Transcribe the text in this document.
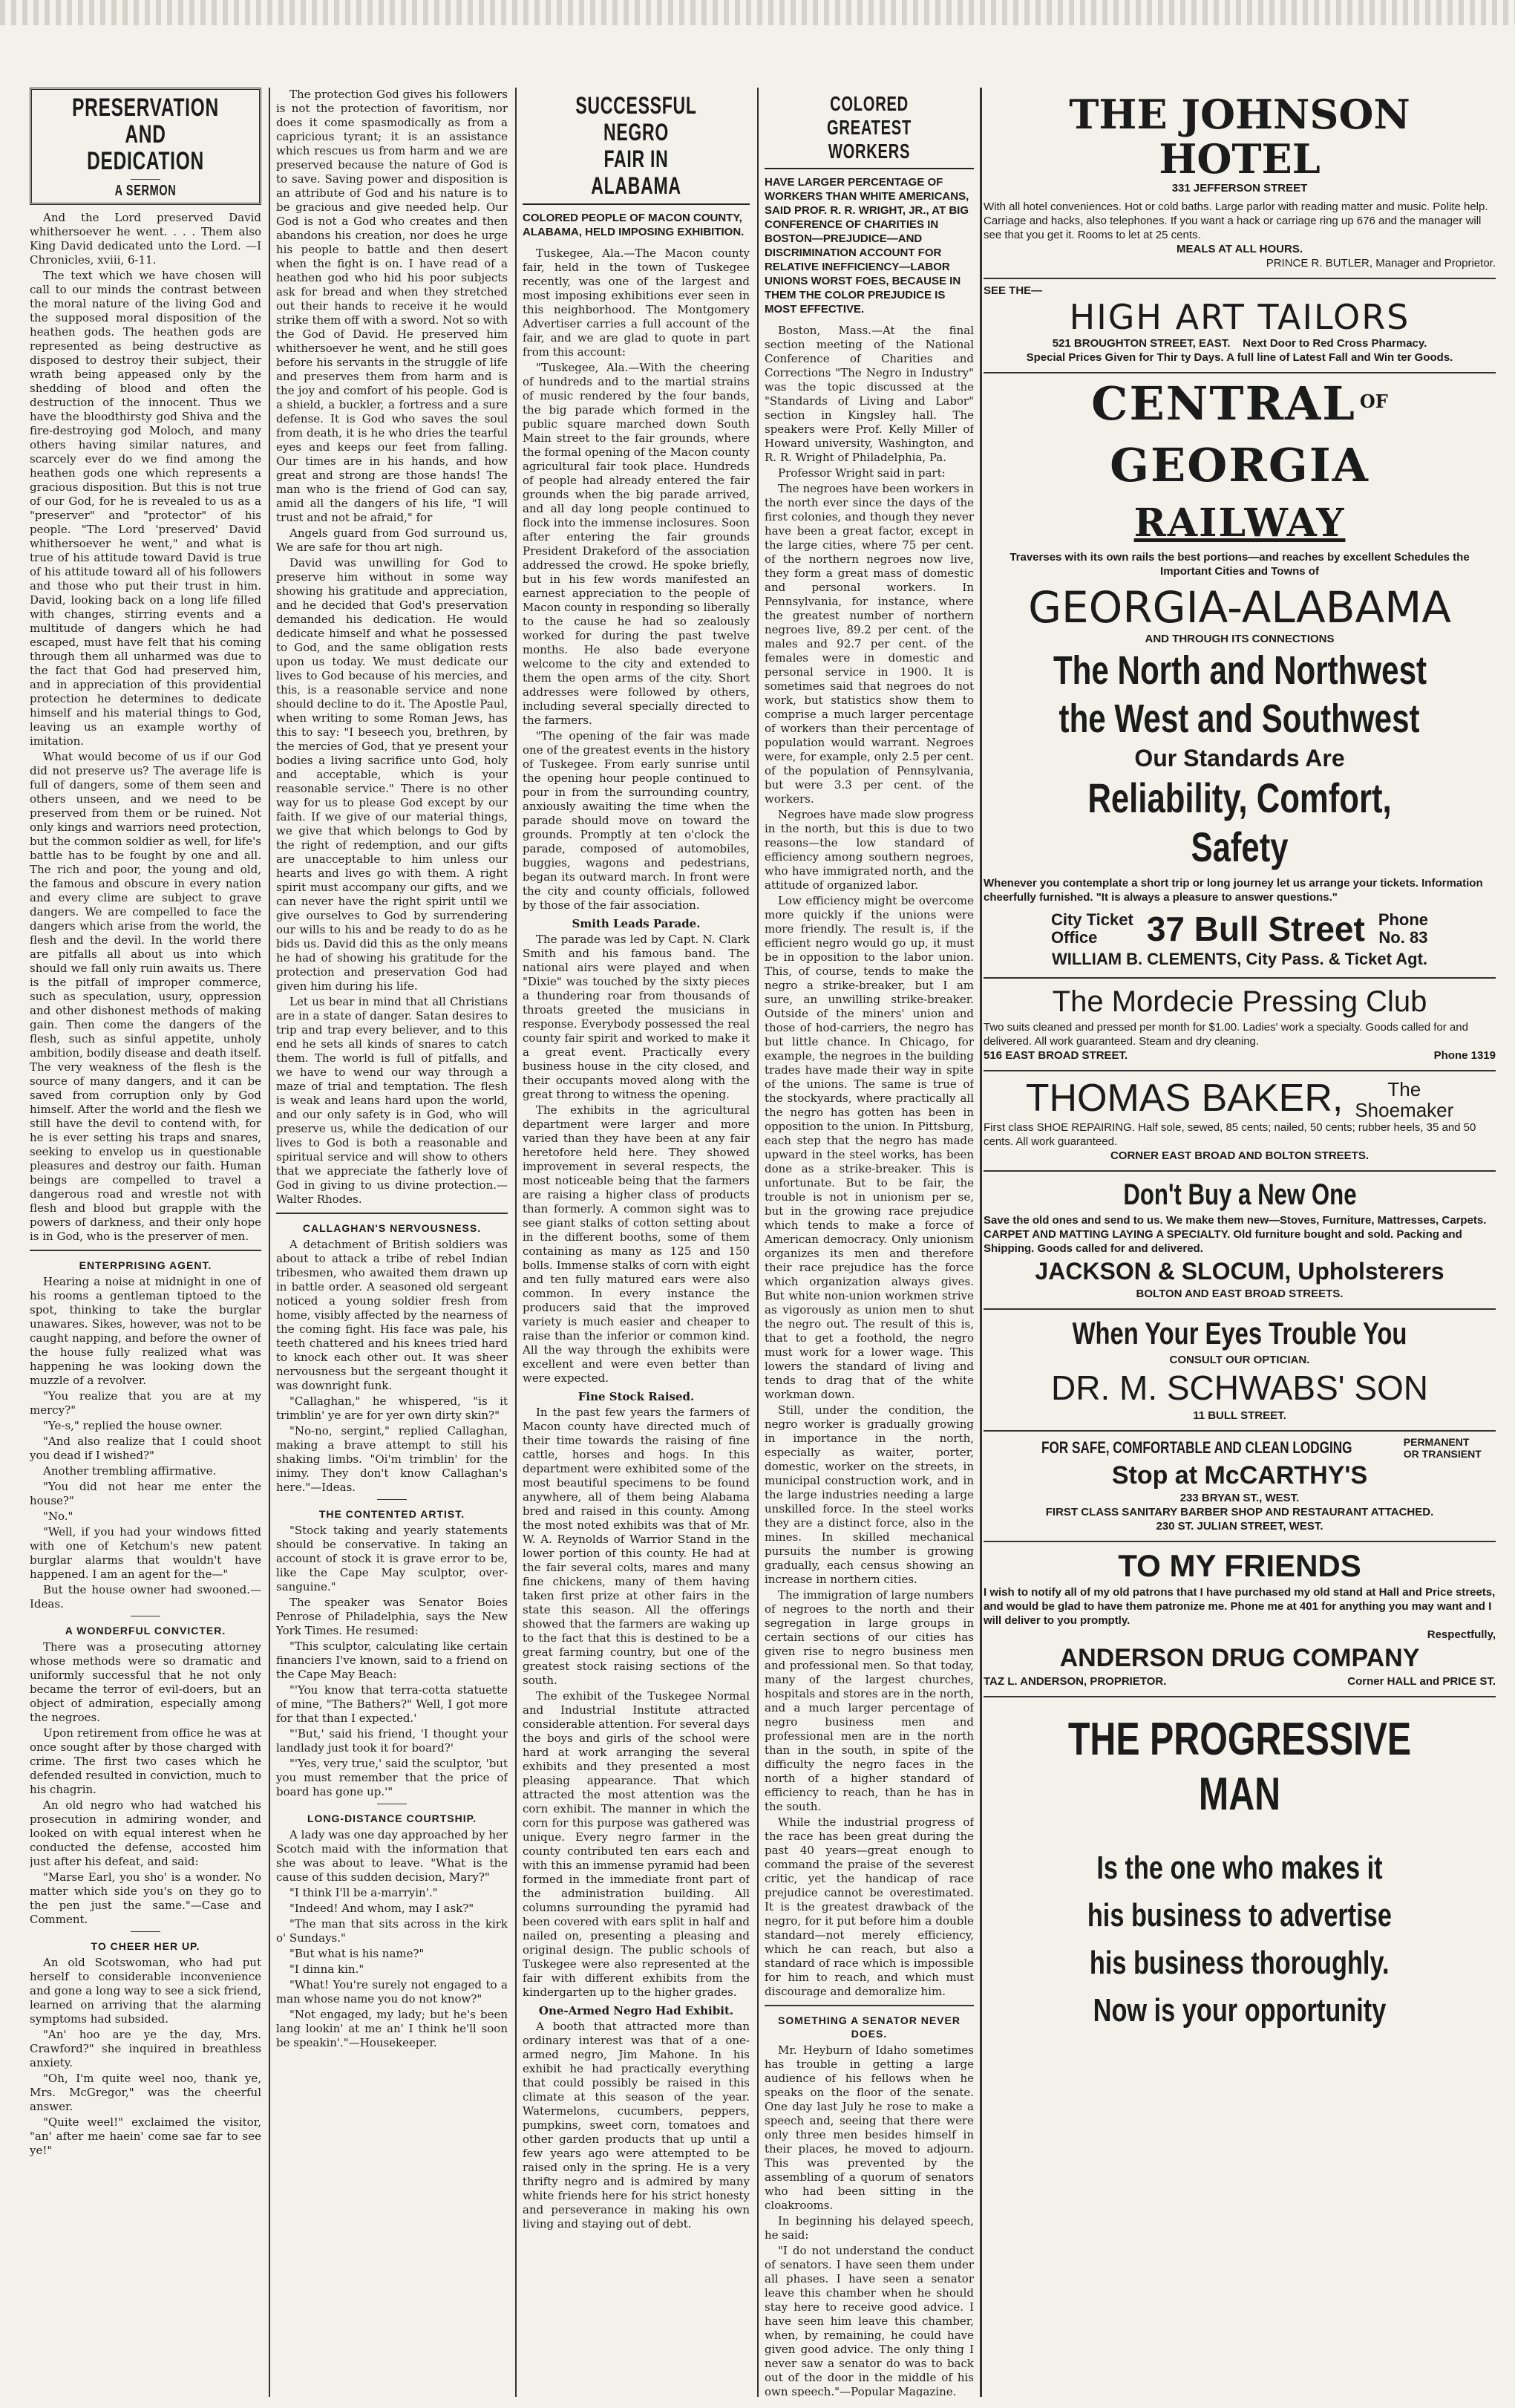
PRESERVATION
AND DEDICATION
A SERMON

And the Lord preserved David whithersoever he went. . . . Them also King David dedicated unto the Lord. —I Chronicles, xviii, 6-11.

The text which we have chosen will call to our minds the contrast between the moral nature of the living God and the supposed moral disposition of the heathen gods. The heathen gods are represented as being destructive as disposed to destroy their subject, their wrath being appeased only by the shedding of blood and often the destruction of the innocent. Thus we have the bloodthirsty god Shiva and the fire-destroying god Moloch, and many others having similar natures, and scarcely ever do we find among the heathen gods one which represents a gracious disposition. But this is not true of our God, for he is revealed to us as a "preserver" and "protector" of his people. "The Lord 'preserved' David whithersoever he went," and what is true of his attitude toward David is true of his attitude toward all of his followers and those who put their trust in him. David, looking back on a long life filled with changes, stirring events and a multitude of dangers which he had escaped, must have felt that his coming through them all unharmed was due to the fact that God had preserved him, and in appreciation of this providential protection he determines to dedicate himself and his material things to God, leaving us an example worthy of imitation.

What would become of us if our God did not preserve us? The average life is full of dangers, some of them seen and others unseen, and we need to be preserved from them or be ruined. Not only kings and warriors need protection, but the common soldier as well, for life's battle has to be fought by one and all. The rich and poor, the young and old, the famous and obscure in every nation and every clime are subject to grave dangers. We are compelled to face the dangers which arise from the world, the flesh and the devil. In the world there are pitfalls all about us into which should we fall only ruin awaits us. There is the pitfall of improper commerce, such as speculation, usury, oppression and other dishonest methods of making gain. Then come the dangers of the flesh, such as sinful appetite, unholy ambition, bodily disease and death itself. The very weakness of the flesh is the source of many dangers, and it can be saved from corruption only by God himself. After the world and the flesh we still have the devil to contend with, for he is ever setting his traps and snares, seeking to envelop us in questionable pleasures and destroy our faith. Human beings are compelled to travel a dangerous road and wrestle not with flesh and blood but grapple with the powers of darkness, and their only hope is in God, who is the preserver of men.

ENTERPRISING AGENT.

Hearing a noise at midnight in one of his rooms a gentleman tiptoed to the spot, thinking to take the burglar unawares. Sikes, however, was not to be caught napping, and before the owner of the house fully realized what was happening he was looking down the muzzle of a revolver.

"You realize that you are at my mercy?"

"Ye-s," replied the house owner.

"And also realize that I could shoot you dead if I wished?"

Another trembling affirmative.

"You did not hear me enter the house?"

"No."

"Well, if you had your windows fitted with one of Ketchum's new patent burglar alarms that wouldn't have happened. I am an agent for the—"

But the house owner had swooned.—Ideas.

A WONDERFUL CONVICTER.

There was a prosecuting attorney whose methods were so dramatic and uniformly successful that he not only became the terror of evil-doers, but an object of admiration, especially among the negroes.

Upon retirement from office he was at once sought after by those charged with crime. The first two cases which he defended resulted in conviction, much to his chagrin.

An old negro who had watched his prosecution in admiring wonder, and looked on with equal interest when he conducted the defense, accosted him just after his defeat, and said:

"Marse Earl, you sho' is a wonder. No matter which side you's on they go to the pen just the same."—Case and Comment.

TO CHEER HER UP.

An old Scotswoman, who had put herself to considerable inconvenience and gone a long way to see a sick friend, learned on arriving that the alarming symptoms had subsided.

"An' hoo are ye the day, Mrs. Crawford?" she inquired in breathless anxiety.

"Oh, I'm quite weel noo, thank ye, Mrs. McGregor," was the cheerful answer.

"Quite weel!" exclaimed the visitor, "an' after me haein' come sae far to see ye!"

The protection God gives his followers is not the protection of favoritism, nor does it come spasmodically as from a capricious tyrant; it is an assistance which rescues us from harm and we are preserved because the nature of God is to save. Saving power and disposition is an attribute of God and his nature is to be gracious and give needed help. Our God is not a God who creates and then abandons his creation, nor does he urge his people to battle and then desert when the fight is on. I have read of a heathen god who hid his poor subjects ask for bread and when they stretched out their hands to receive it he would strike them off with a sword. Not so with the God of David. He preserved him whithersoever he went, and he still goes before his servants in the struggle of life and preserves them from harm and is the joy and comfort of his people. God is a shield, a buckler, a fortress and a sure defense. It is God who saves the soul from death, it is he who dries the tearful eyes and keeps our feet from falling. Our times are in his hands, and how great and strong are those hands! The man who is the friend of God can say, amid all the dangers of his life, "I will trust and not be afraid," for

Angels guard from God surround us, We are safe for thou art nigh.

David was unwilling for God to preserve him without in some way showing his gratitude and appreciation, and he decided that God's preservation demanded his dedication. He would dedicate himself and what he possessed to God, and the same obligation rests upon us today. We must dedicate our lives to God because of his mercies, and this, is a reasonable service and none should decline to do it. The Apostle Paul, when writing to some Roman Jews, has this to say: "I beseech you, brethren, by the mercies of God, that ye present your bodies a living sacrifice unto God, holy and acceptable, which is your reasonable service." There is no other way for us to please God except by our faith. If we give of our material things, we give that which belongs to God by the right of redemption, and our gifts are unacceptable to him unless our hearts and lives go with them. A right spirit must accompany our gifts, and we can never have the right spirit until we give ourselves to God by surrendering our wills to his and be ready to do as he bids us. David did this as the only means he had of showing his gratitude for the protection and preservation God had given him during his life.

Let us bear in mind that all Christians are in a state of danger. Satan desires to trip and trap every believer, and to this end he sets all kinds of snares to catch them. The world is full of pitfalls, and we have to wend our way through a maze of trial and temptation. The flesh is weak and leans hard upon the world, and our only safety is in God, who will preserve us, while the dedication of our lives to God is both a reasonable and spiritual service and will show to others that we appreciate the fatherly love of God in giving to us divine protection.—Walter Rhodes.

CALLAGHAN'S NERVOUSNESS.

A detachment of British soldiers was about to attack a tribe of rebel Indian tribesmen, who awaited them drawn up in battle order. A seasoned old sergeant noticed a young soldier fresh from home, visibly affected by the nearness of the coming fight. His face was pale, his teeth chattered and his knees tried hard to knock each other out. It was sheer nervousness but the sergeant thought it was downright funk.

"Callaghan," he whispered, "is it trimblin' ye are for yer own dirty skin?"

"No-no, sergint," replied Callaghan, making a brave attempt to still his shaking limbs. "Oi'm trimblin' for the inimy. They don't know Callaghan's here."—Ideas.

THE CONTENTED ARTIST.

"Stock taking and yearly statements should be conservative. In taking an account of stock it is grave error to be, like the Cape May sculptor, over-sanguine."

The speaker was Senator Boies Penrose of Philadelphia, says the New York Times. He resumed:

"This sculptor, calculating like certain financiers I've known, said to a friend on the Cape May Beach:

"'You know that terra-cotta statuette of mine, "The Bathers?" Well, I got more for that than I expected.'

"'But,' said his friend, 'I thought your landlady just took it for board?'

"'Yes, very true,' said the sculptor, 'but you must remember that the price of board has gone up.'"

LONG-DISTANCE COURTSHIP.

A lady was one day approached by her Scotch maid with the information that she was about to leave. "What is the cause of this sudden decision, Mary?"

"I think I'll be a-marryin'."

"Indeed! And whom, may I ask?"

"The man that sits across in the kirk o' Sundays."

"But what is his name?"

"I dinna kin."

"What! You're surely not engaged to a man whose name you do not know?"

"Not engaged, my lady; but he's been lang lookin' at me an' I think he'll soon be speakin'."—Housekeeper.

SUCCESSFUL NEGRO
FAIR IN ALABAMA
COLORED PEOPLE OF MACON COUNTY, ALABAMA, HELD IMPOSING EXHIBITION.

Tuskegee, Ala.—The Macon county fair, held in the town of Tuskegee recently, was one of the largest and most imposing exhibitions ever seen in this neighborhood. The Montgomery Advertiser carries a full account of the fair, and we are glad to quote in part from this account:

"Tuskegee, Ala.—With the cheering of hundreds and to the martial strains of music rendered by the four bands, the big parade which formed in the public square marched down South Main street to the fair grounds, where the formal opening of the Macon county agricultural fair took place. Hundreds of people had already entered the fair grounds when the big parade arrived, and all day long people continued to flock into the immense inclosures. Soon after entering the fair grounds President Drakeford of the association addressed the crowd. He spoke briefly, but in his few words manifested an earnest appreciation to the people of Macon county in responding so liberally to the cause he had so zealously worked for during the past twelve months. He also bade everyone welcome to the city and extended to them the open arms of the city. Short addresses were followed by others, including several specially directed to the farmers.

"The opening of the fair was made one of the greatest events in the history of Tuskegee. From early sunrise until the opening hour people continued to pour in from the surrounding country, anxiously awaiting the time when the parade should move on toward the grounds. Promptly at ten o'clock the parade, composed of automobiles, buggies, wagons and pedestrians, began its outward march. In front were the city and county officials, followed by those of the fair association.

Smith Leads Parade.

The parade was led by Capt. N. Clark Smith and his famous band. The national airs were played and when "Dixie" was touched by the sixty pieces a thundering roar from thousands of throats greeted the musicians in response. Everybody possessed the real county fair spirit and worked to make it a great event. Practically every business house in the city closed, and their occupants moved along with the great throng to witness the opening.

The exhibits in the agricultural department were larger and more varied than they have been at any fair heretofore held here. They showed improvement in several respects, the most noticeable being that the farmers are raising a higher class of products than formerly. A common sight was to see giant stalks of cotton setting about in the different booths, some of them containing as many as 125 and 150 bolls. Immense stalks of corn with eight and ten fully matured ears were also common. In every instance the producers said that the improved variety is much easier and cheaper to raise than the inferior or common kind. All the way through the exhibits were excellent and were even better than were expected.

Fine Stock Raised.

In the past few years the farmers of Macon county have directed much of their time towards the raising of fine cattle, horses and hogs. In this department were exhibited some of the most beautiful specimens to be found anywhere, all of them being Alabama bred and raised in this county. Among the most noted exhibits was that of Mr. W. A. Reynolds of Warrior Stand in the lower portion of this county. He had at the fair several colts, mares and many fine chickens, many of them having taken first prize at other fairs in the state this season. All the offerings showed that the farmers are waking up to the fact that this is destined to be a great farming country, but one of the greatest stock raising sections of the south.

The exhibit of the Tuskegee Normal and Industrial Institute attracted considerable attention. For several days the boys and girls of the school were hard at work arranging the several exhibits and they presented a most pleasing appearance. That which attracted the most attention was the corn exhibit. The manner in which the corn for this purpose was gathered was unique. Every negro farmer in the county contributed ten ears each and with this an immense pyramid had been formed in the immediate front part of the administration building. All columns surrounding the pyramid had been covered with ears split in half and nailed on, presenting a pleasing and original design. The public schools of Tuskegee were also represented at the fair with different exhibits from the kindergarten up to the higher grades.

One-Armed Negro Had Exhibit.

A booth that attracted more than ordinary interest was that of a one-armed negro, Jim Mahone. In his exhibit he had practically everything that could possibly be raised in this climate at this season of the year. Watermelons, cucumbers, peppers, pumpkins, sweet corn, tomatoes and other garden products that up until a few years ago were attempted to be raised only in the spring. He is a very thrifty negro and is admired by many white friends here for his strict honesty and perseverance in making his own living and staying out of debt.

COLORED GREATEST WORKERS
HAVE LARGER PERCENTAGE OF WORKERS THAN WHITE AMERICANS, SAID PROF. R. R. WRIGHT, JR., AT BIG CONFERENCE OF CHARITIES IN BOSTON—PREJUDICE—AND DISCRIMINATION ACCOUNT FOR RELATIVE INEFFICIENCY—LABOR UNIONS WORST FOES, BECAUSE IN THEM THE COLOR PREJUDICE IS MOST EFFECTIVE.

Boston, Mass.—At the final section meeting of the National Conference of Charities and Corrections "The Negro in Industry" was the topic discussed at the "Standards of Living and Labor" section in Kingsley hall. The speakers were Prof. Kelly Miller of Howard university, Washington, and R. R. Wright of Philadelphia, Pa.

Professor Wright said in part:

The negroes have been workers in the north ever since the days of the first colonies, and though they never have been a great factor, except in the large cities, where 75 per cent. of the northern negroes now live, they form a great mass of domestic and personal workers. In Pennsylvania, for instance, where the greatest number of northern negroes live, 89.2 per cent. of the males and 92.7 per cent. of the females were in domestic and personal service in 1900. It is sometimes said that negroes do not work, but statistics show them to comprise a much larger percentage of workers than their percentage of population would warrant. Negroes were, for example, only 2.5 per cent. of the population of Pennsylvania, but were 3.3 per cent. of the workers.

Negroes have made slow progress in the north, but this is due to two reasons—the low standard of efficiency among southern negroes, who have immigrated north, and the attitude of organized labor.

Low efficiency might be overcome more quickly if the unions were more friendly. The result is, if the efficient negro would go up, it must be in opposition to the labor union. This, of course, tends to make the negro a strike-breaker, but I am sure, an unwilling strike-breaker. Outside of the miners' union and those of hod-carriers, the negro has but little chance. In Chicago, for example, the negroes in the building trades have made their way in spite of the unions. The same is true of the stockyards, where practically all the negro has gotten has been in opposition to the union. In Pittsburg, each step that the negro has made upward in the steel works, has been done as a strike-breaker. This is unfortunate. But to be fair, the trouble is not in unionism per se, but in the growing race prejudice which tends to make a force of American democracy. Only unionism organizes its men and therefore their race prejudice has the force which organization always gives. But white non-union workmen strive as vigorously as union men to shut the negro out. The result of this is, that to get a foothold, the negro must work for a lower wage. This lowers the standard of living and tends to drag that of the white workman down.

Still, under the condition, the negro worker is gradually growing in importance in the north, especially as waiter, porter, domestic, worker on the streets, in municipal construction work, and in the large industries needing a large unskilled force. In the steel works they are a distinct force, also in the mines. In skilled mechanical pursuits the number is growing gradually, each census showing an increase in northern cities.

The immigration of large numbers of negroes to the north and their segregation in large groups in certain sections of our cities has given rise to negro business men and professional men. So that today, many of the largest churches, hospitals and stores are in the north, and a much larger percentage of negro business men and professional men are in the north than in the south, in spite of the difficulty the negro faces in the north of a higher standard of efficiency to reach, than he has in the south.

While the industrial progress of the race has been great during the past 40 years—great enough to command the praise of the severest critic, yet the handicap of race prejudice cannot be overestimated. It is the greatest drawback of the negro, for it put before him a double standard—not merely efficiency, which he can reach, but also a standard of race which is impossible for him to reach, and which must discourage and demoralize him.

SOMETHING A SENATOR NEVER DOES.

Mr. Heyburn of Idaho sometimes has trouble in getting a large audience of his fellows when he speaks on the floor of the senate. One day last July he rose to make a speech and, seeing that there were only three men besides himself in their places, he moved to adjourn. This was prevented by the assembling of a quorum of senators who had been sitting in the cloakrooms.

In beginning his delayed speech, he said:

"I do not understand the conduct of senators. I have seen them under all phases. I have seen a senator leave this chamber when he should stay here to receive good advice. I have seen him leave this chamber, when, by remaining, he could have given good advice. The only thing I never saw a senator do was to back out of the door in the middle of his own speech."—Popular Magazine.

THE JOHNSON HOTEL
331 JEFFERSON STREET
With all hotel conveniences. Hot or cold baths. Large parlor with reading matter and music. Polite help. Carriage and hacks, also telephones. If you want a hack or carriage ring up 676 and the manager will see that you get it. Rooms to let at 25 cents.
MEALS AT ALL HOURS.
PRINCE R. BUTLER, Manager and Proprietor.
SEE THE—
HIGH ART TAILORS
521 BROUGHTON STREET, EAST. Next Door to Red Cross Pharmacy.
Special Prices Given for Thir ty Days. A full line of Latest Fall and Win ter Goods.
CENTRAL OF GEORGIA
RAILWAY
Traverses with its own rails the best portions—and reaches by excellent Schedules the Important Cities and Towns of
GEORGIA-ALABAMA
AND THROUGH ITS CONNECTIONS
The North and Northwest
the West and Southwest
Our Standards Are
Reliability, Comfort, Safety
Whenever you contemplate a short trip or long journey let us arrange your tickets. Information cheerfully furnished. "It is always a pleasure to answer questions."
City Ticket
Office	37 Bull Street Phone
No. 83
WILLIAM B. CLEMENTS, City Pass. & Ticket Agt.
The Mordecie Pressing Club
Two suits cleaned and pressed per month for $1.00. Ladies' work a specialty. Goods called for and delivered. All work guaranteed. Steam and dry cleaning.
516 EAST BROAD STREET.	Phone 1319
THOMAS BAKER,	The
Shoemaker
First class SHOE REPAIRING. Half sole, sewed, 85 cents; nailed, 50 cents; rubber heels, 35 and 50 cents. All work guaranteed.
CORNER EAST BROAD AND BOLTON STREETS.
Don't Buy a New One
Save the old ones and send to us. We make them new—Stoves, Furniture, Mattresses, Carpets. CARPET AND MATTING LAYING A SPECIALTY. Old furniture bought and sold. Packing and Shipping. Goods called for and delivered.
JACKSON & SLOCUM, Upholsterers
BOLTON AND EAST BROAD STREETS.
When Your Eyes Trouble You
CONSULT OUR OPTICIAN.
DR. M. SCHWABS' SON
11 BULL STREET.
FOR SAFE, COMFORTABLE AND CLEAN LODGING	PERMANENT
OR TRANSIENT
Stop at McCARTHY'S
233 BRYAN ST., WEST.
FIRST CLASS SANITARY BARBER SHOP AND RESTAURANT ATTACHED.
230 ST. JULIAN STREET, WEST.
TO MY FRIENDS
I wish to notify all of my old patrons that I have purchased my old stand at Hall and Price streets, and would be glad to have them patronize me. Phone me at 401 for anything you may want and I will deliver to you promptly.
Respectfully,
ANDERSON DRUG COMPANY
TAZ L. ANDERSON, PROPRIETOR.	Corner HALL and PRICE ST.
THE PROGRESSIVE MAN
Is the one who makes it
his business to advertise
his business thoroughly.
Now is your opportunity
